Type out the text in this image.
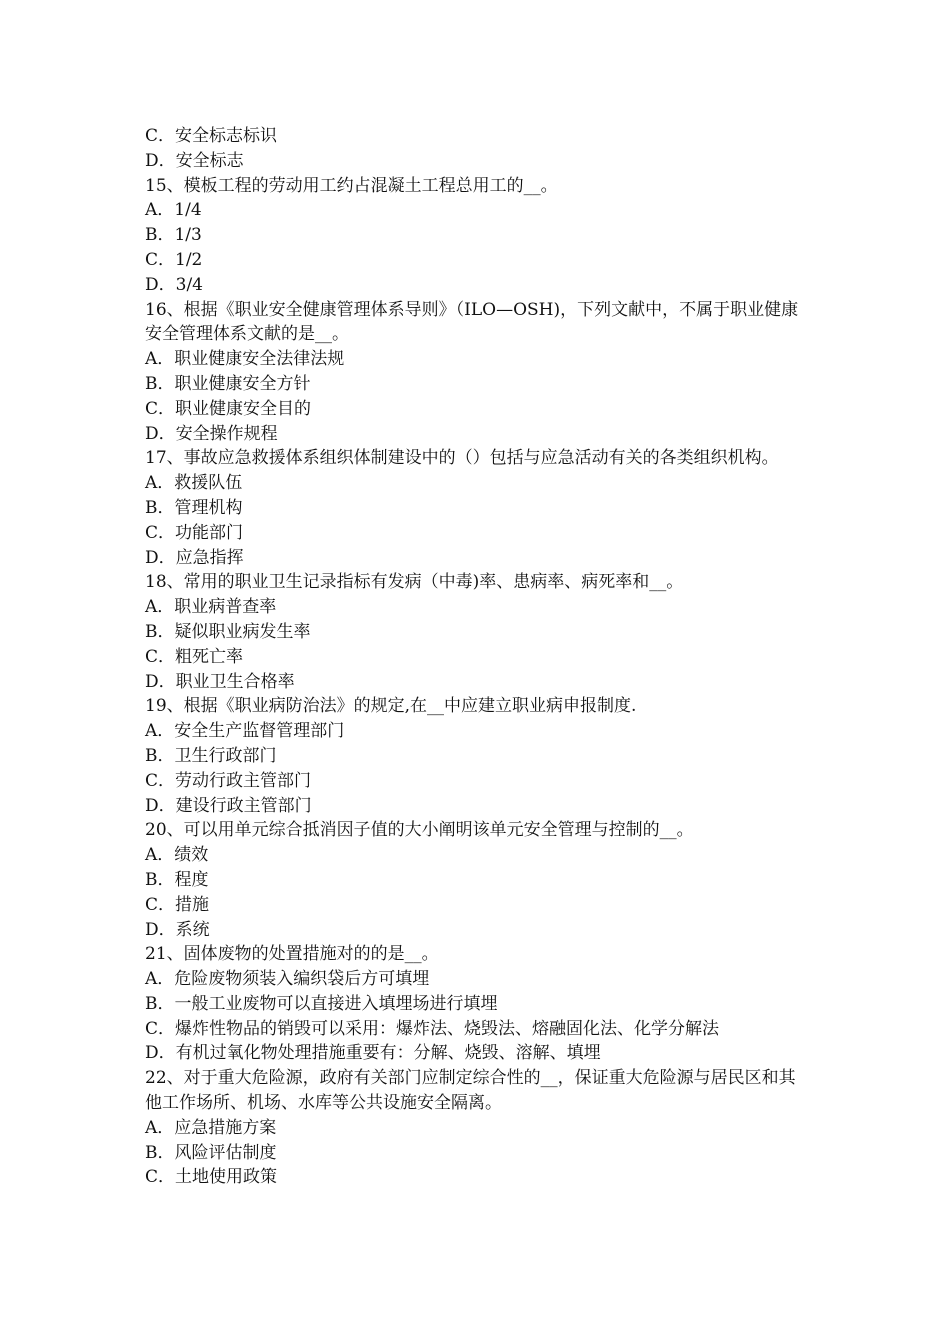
C．安全标志标识
D．安全标志
15、模板工程的劳动用工约占混凝土工程总用工的__。
A．1/4
B．1/3
C．1/2
D．3/4
16、根据《职业安全健康管理体系导则》（ILO—OSH)，下列文献中，不属于职业健康安全管理体系文献的是__。
A．职业健康安全法律法规
B．职业健康安全方针
C．职业健康安全目的
D．安全操作规程
17、事故应急救援体系组织体制建设中的（）包括与应急活动有关的各类组织机构。
A．救援队伍
B．管理机构
C．功能部门
D．应急指挥
18、常用的职业卫生记录指标有发病（中毒)率、患病率、病死率和__。
A．职业病普查率
B．疑似职业病发生率
C．粗死亡率
D．职业卫生合格率
19、根据《职业病防治法》的规定,在__中应建立职业病申报制度.
A．安全生产监督管理部门
B．卫生行政部门
C．劳动行政主管部门
D．建设行政主管部门
20、可以用单元综合抵消因子值的大小阐明该单元安全管理与控制的__。
A．绩效
B．程度
C．措施
D．系统
21、固体废物的处置措施对的的是__。
A．危险废物须装入编织袋后方可填埋
B．一般工业废物可以直接进入填埋场进行填埋
C．爆炸性物品的销毁可以采用：爆炸法、烧毁法、熔融固化法、化学分解法
D．有机过氧化物处理措施重要有：分解、烧毁、溶解、填埋
22、对于重大危险源，政府有关部门应制定综合性的__，保证重大危险源与居民区和其他工作场所、机场、水库等公共设施安全隔离。
A．应急措施方案
B．风险评估制度
C．土地使用政策
